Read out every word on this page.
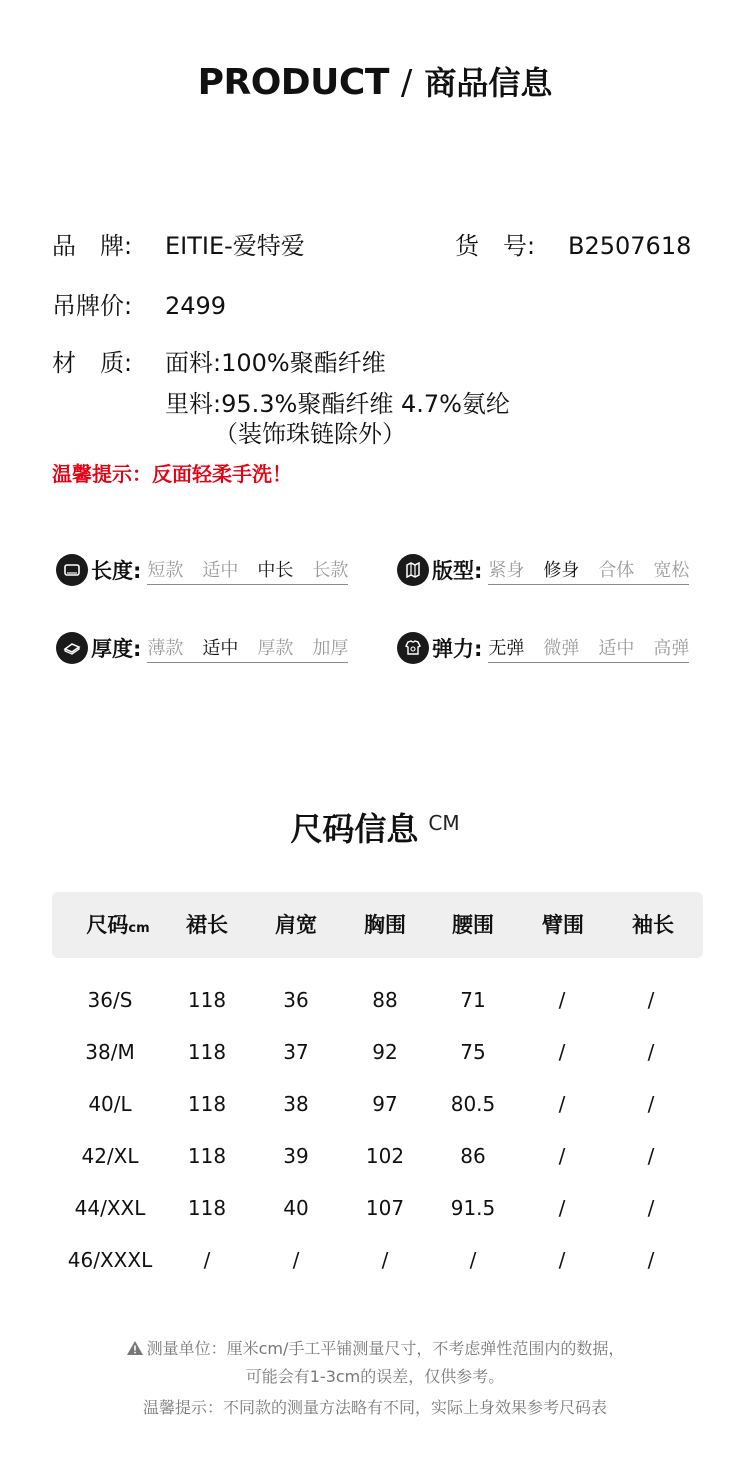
PRODUCT / 商品信息
品　牌: EITIE-爱特爱	货　号: B2507618
吊牌价: 2499
材　质: 面料:100%聚酯纤维
里料:95.3%聚酯纤维 4.7%氨纶
（装饰珠链除外）
温馨提示：反面轻柔手洗！
长度: 短款 适中 中长 长款	版型: 紧身 修身 合体 宽松
厚度: 薄款 适中 厚款 加厚	弹力: 无弹 微弹 适中 高弹
尺码信息 CM
尺码cm	裙长	肩宽	胸围	腰围	臂围	袖长
36/S	118	36	88	71	/	/
38/M	118	37	92	75	/	/
40/L	118	38	97	80.5	/	/
42/XL	118	39	102	86	/	/
44/XXL	118	40	107	91.5	/	/
46/XXXL	/	/	/	/	/	/
测量单位：厘米cm/手工平铺测量尺寸，不考虑弹性范围内的数据，
可能会有1-3cm的误差，仅供参考。
温馨提示：不同款的测量方法略有不同，实际上身效果参考尺码表
